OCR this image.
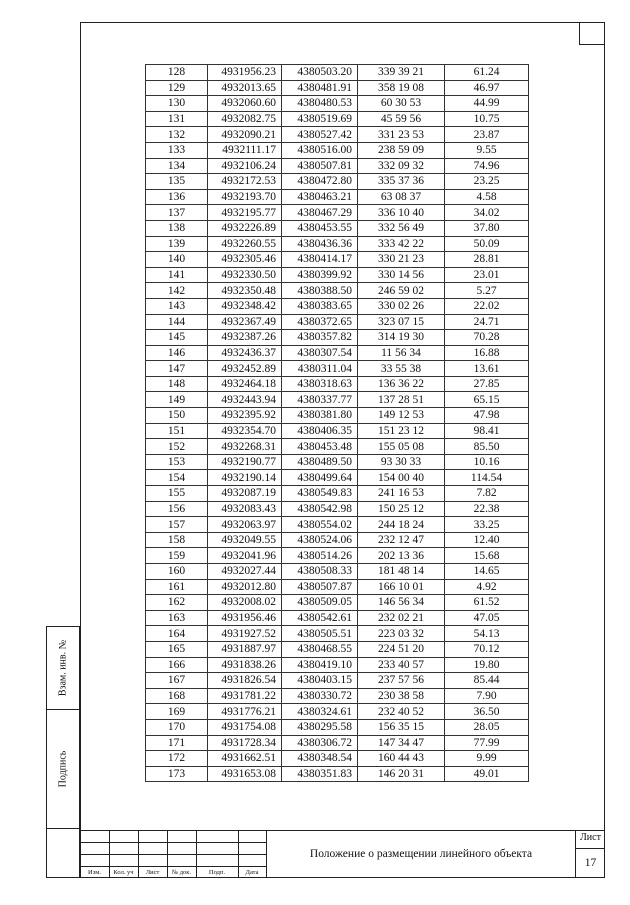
128	4931956.23	4380503.20	339 39 21	61.24
129	4932013.65	4380481.91	358 19 08	46.97
130	4932060.60	4380480.53	60 30 53	44.99
131	4932082.75	4380519.69	45 59 56	10.75
132	4932090.21	4380527.42	331 23 53	23.87
133	4932111.17	4380516.00	238 59 09	9.55
134	4932106.24	4380507.81	332 09 32	74.96
135	4932172.53	4380472.80	335 37 36	23.25
136	4932193.70	4380463.21	63 08 37	4.58
137	4932195.77	4380467.29	336 10 40	34.02
138	4932226.89	4380453.55	332 56 49	37.80
139	4932260.55	4380436.36	333 42 22	50.09
140	4932305.46	4380414.17	330 21 23	28.81
141	4932330.50	4380399.92	330 14 56	23.01
142	4932350.48	4380388.50	246 59 02	5.27
143	4932348.42	4380383.65	330 02 26	22.02
144	4932367.49	4380372.65	323 07 15	24.71
145	4932387.26	4380357.82	314 19 30	70.28
146	4932436.37	4380307.54	11 56 34	16.88
147	4932452.89	4380311.04	33 55 38	13.61
148	4932464.18	4380318.63	136 36 22	27.85
149	4932443.94	4380337.77	137 28 51	65.15
150	4932395.92	4380381.80	149 12 53	47.98
151	4932354.70	4380406.35	151 23 12	98.41
152	4932268.31	4380453.48	155 05 08	85.50
153	4932190.77	4380489.50	93 30 33	10.16
154	4932190.14	4380499.64	154 00 40	114.54
155	4932087.19	4380549.83	241 16 53	7.82
156	4932083.43	4380542.98	150 25 12	22.38
157	4932063.97	4380554.02	244 18 24	33.25
158	4932049.55	4380524.06	232 12 47	12.40
159	4932041.96	4380514.26	202 13 36	15.68
160	4932027.44	4380508.33	181 48 14	14.65
161	4932012.80	4380507.87	166 10 01	4.92
162	4932008.02	4380509.05	146 56 34	61.52
163	4931956.46	4380542.61	232 02 21	47.05
164	4931927.52	4380505.51	223 03 32	54.13
165	4931887.97	4380468.55	224 51 20	70.12
166	4931838.26	4380419.10	233 40 57	19.80
167	4931826.54	4380403.15	237 57 56	85.44
168	4931781.22	4380330.72	230 38 58	7.90
169	4931776.21	4380324.61	232 40 52	36.50
170	4931754.08	4380295.58	156 35 15	28.05
171	4931728.34	4380306.72	147 34 47	77.99
172	4931662.51	4380348.54	160 44 43	9.99
173	4931653.08	4380351.83	146 20 31	49.01
Взам. инв. №
Подпись
Изм.	Кол. уч	Лист	№ док.	Подп.	Дата
Положение о размещении линейного объекта
Лист
17
